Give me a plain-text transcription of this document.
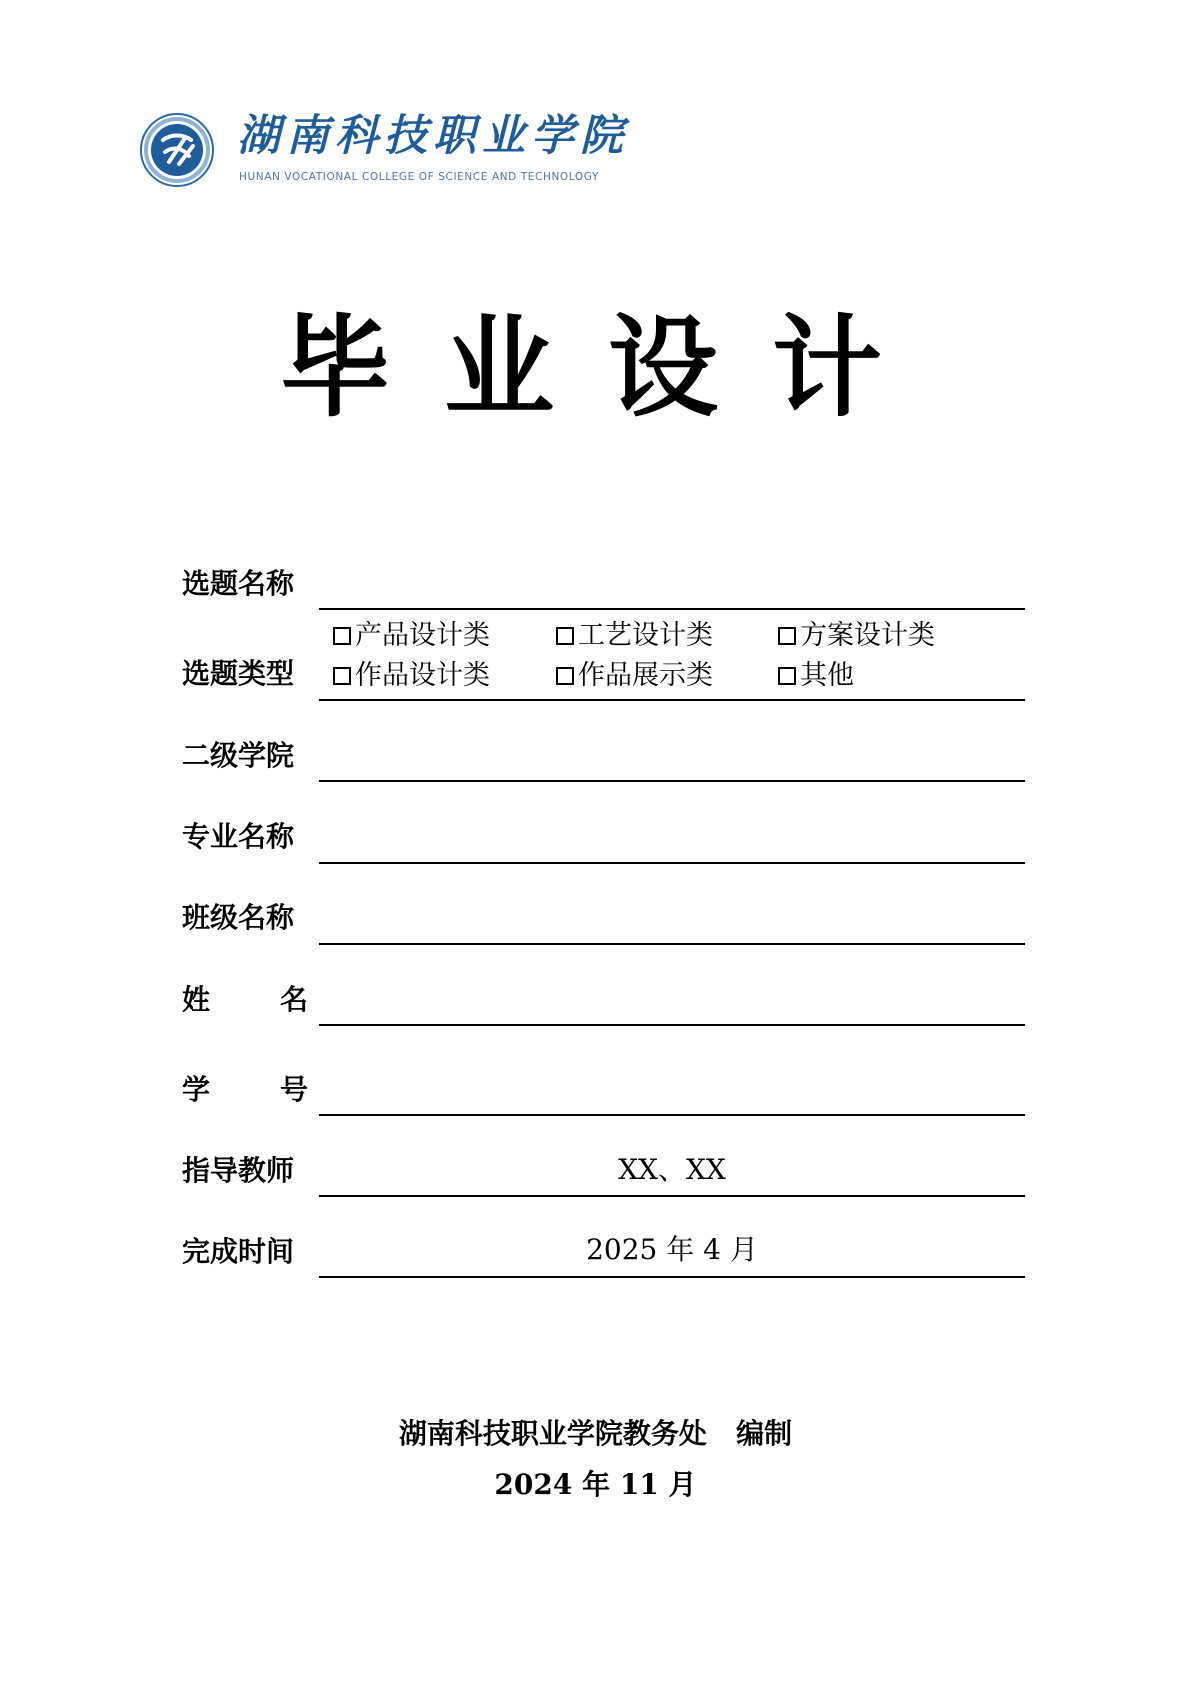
湖南科技职业学院
HUNAN VOCATIONAL COLLEGE OF SCIENCE AND TECHNOLOGY
毕业设计
选题名称
选题类型
产品设计类	工艺设计类	方案设计类
作品设计类	作品展示类	其他
二级学院
专业名称
班级名称
姓 名
学 号
指导教师	XX、XX
完成时间	2025 年 4 月
湖南科技职业学院教务处   编制
2024 年 11 月
